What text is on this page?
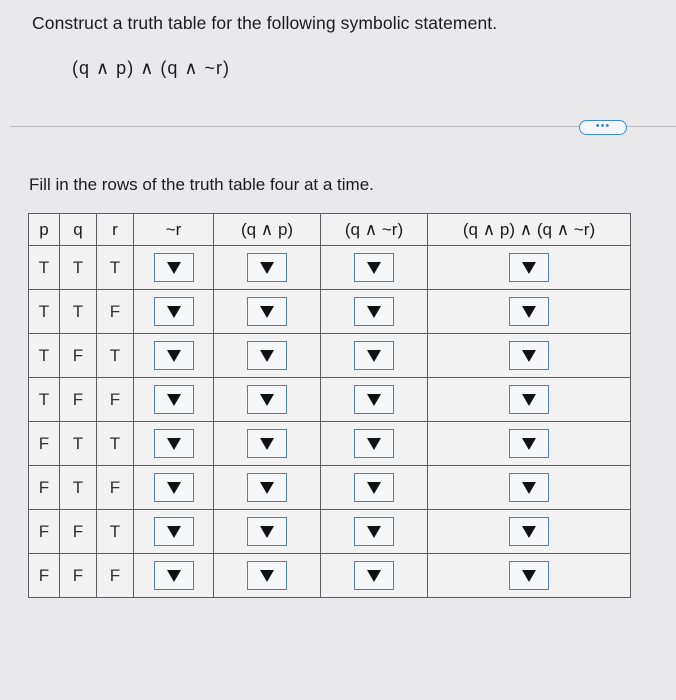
Construct a truth table for the following symbolic statement.
(q ∧ p) ∧ (q ∧ ~r)
•••
Fill in the rows of the truth table four at a time.
p	q	r	~r	(q ∧ p)	(q ∧ ~r)	(q ∧ p) ∧ (q ∧ ~r)
T	T	T	

T	T	F	

T	F	T	

T	F	F	

F	T	T	

F	T	F	

F	F	T	

F	F	F	
